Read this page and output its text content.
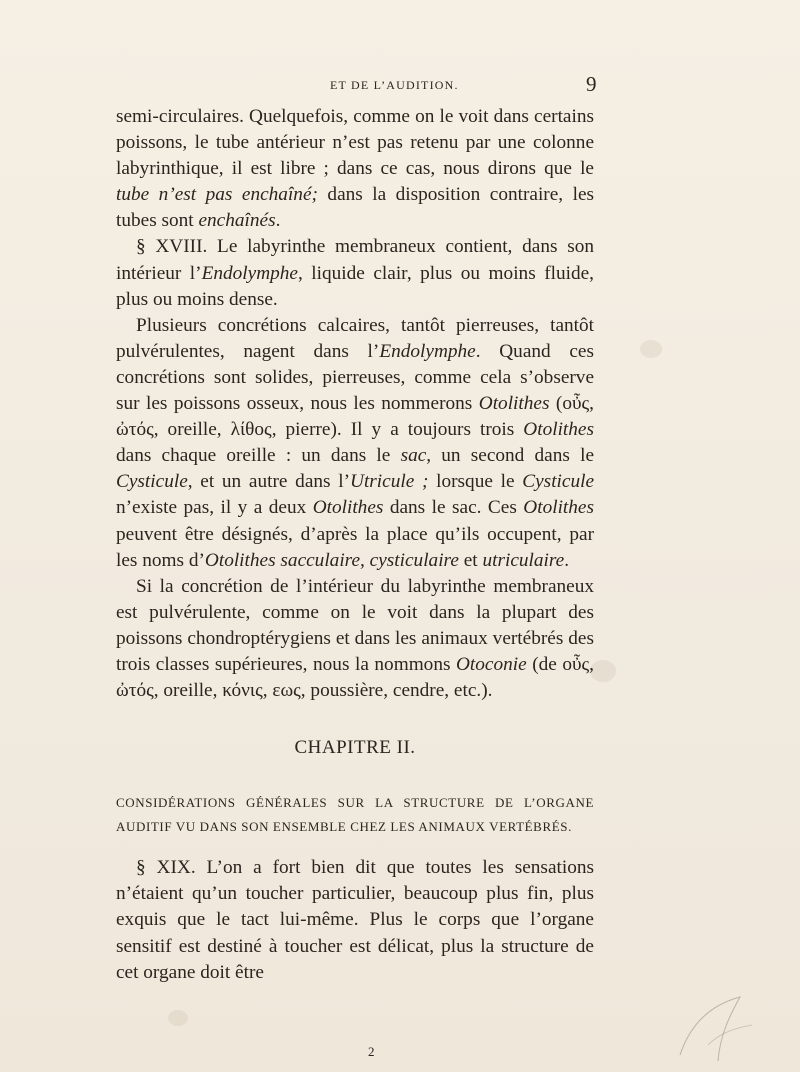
ET DE L’AUDITION.	9

semi-circulaires. Quelquefois, comme on le voit dans certains poissons, le tube antérieur n’est pas retenu par une colonne labyrinthique, il est libre ; dans ce cas, nous dirons que le tube n’est pas enchaîné; dans la disposition contraire, les tubes sont enchaînés.

§ XVIII. Le labyrinthe membraneux contient, dans son intérieur l’Endolymphe, liquide clair, plus ou moins fluide, plus ou moins dense.

Plusieurs concrétions calcaires, tantôt pierreuses, tantôt pulvérulentes, nagent dans l’Endolymphe. Quand ces concrétions sont solides, pierreuses, comme cela s’observe sur les poissons osseux, nous les nommerons Otolithes (οὖς, ὠτός, oreille, λίθος, pierre). Il y a toujours trois Otolithes dans chaque oreille : un dans le sac, un second dans le Cysticule, et un autre dans l’Utricule ; lorsque le Cysticule n’existe pas, il y a deux Otolithes dans le sac. Ces Otolithes peuvent être désignés, d’après la place qu’ils occupent, par les noms d’Otolithes sacculaire, cysticulaire et utriculaire.

Si la concrétion de l’intérieur du labyrinthe membraneux est pulvérulente, comme on le voit dans la plupart des poissons chondroptérygiens et dans les animaux vertébrés des trois classes supérieures, nous la nommons Otoconie (de οὖς, ὠτός, oreille, κόνις, εως, poussière, cendre, etc.).

CHAPITRE II.
CONSIDÉRATIONS GÉNÉRALES SUR LA STRUCTURE DE L’ORGANE AUDITIF VU DANS SON ENSEMBLE CHEZ LES ANIMAUX VERTÉBRÉS.

§ XIX. L’on a fort bien dit que toutes les sensations n’étaient qu’un toucher particulier, beaucoup plus fin, plus exquis que le tact lui-même. Plus le corps que l’organe sensitif est destiné à toucher est délicat, plus la structure de cet organe doit être

2
